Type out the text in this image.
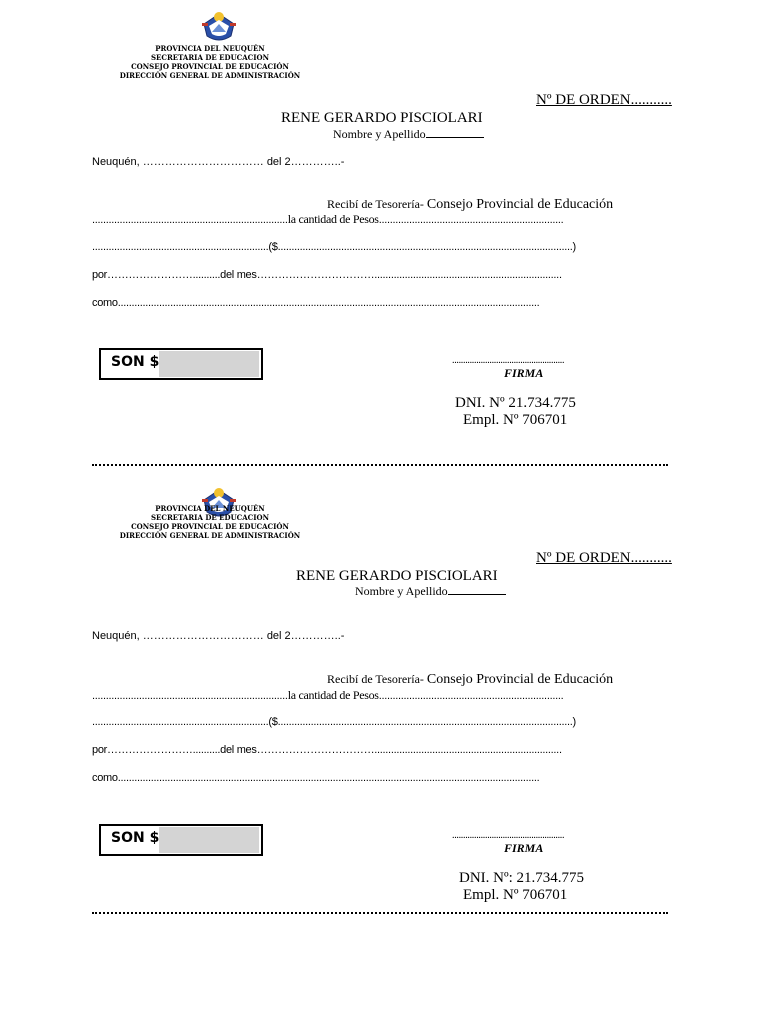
PROVINCIA DEL NEUQUÉN
SECRETARIA DE EDUCACION
CONSEJO PROVINCIAL DE EDUCACIÓN
DIRECCIÓN GENERAL DE ADMINISTRACIÓN
Nº DE ORDEN...........
RENE GERARDO PISCIOLARI
Nombre y Apellido
Neuquén, …………………………… del 2…………..-
Recibí de Tesorería- Consejo Provincial de Educación
.......................................................................la cantidad de Pesos...................................................................
................................................................($...........................................................................................................)
por……………………..........del mes……………………………....................................................................
como.........................................................................................................................................................
SON $	...................................................
FIRMA
DNI. Nº 21.734.775
Empl. Nº 706701
PROVINCIA DEL NEUQUÉN
SECRETARIA DE EDUCACION
CONSEJO PROVINCIAL DE EDUCACIÓN
DIRECCIÓN GENERAL DE ADMINISTRACIÓN
Nº DE ORDEN...........
RENE GERARDO PISCIOLARI
Nombre y Apellido
Neuquén, …………………………… del 2…………..-
Recibí de Tesorería- Consejo Provincial de Educación
.......................................................................la cantidad de Pesos...................................................................
................................................................($...........................................................................................................)
por……………………..........del mes……………………………....................................................................
como.........................................................................................................................................................
SON $	...................................................
FIRMA
DNI. Nº: 21.734.775
Empl. Nº 706701
